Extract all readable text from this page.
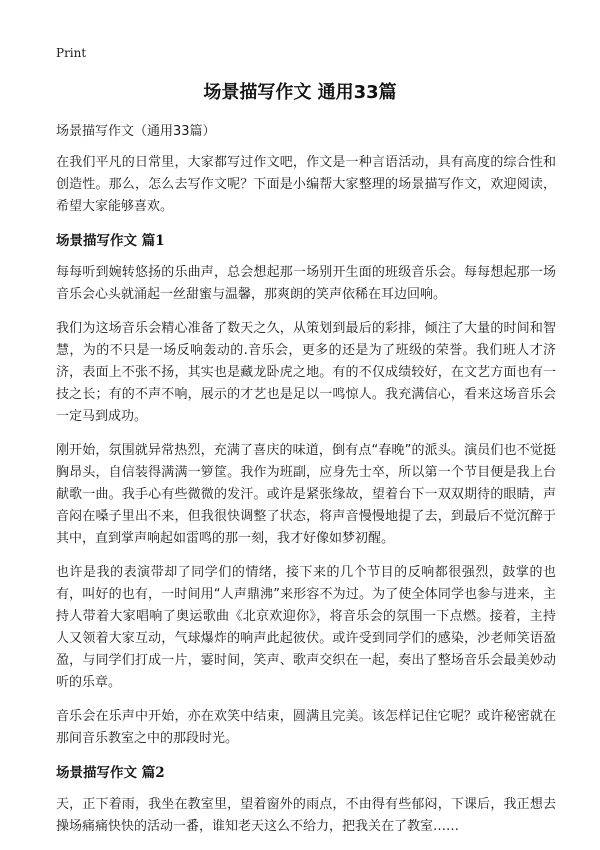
Print
场景描写作文 通用33篇

场景描写作文（通用33篇）

在我们平凡的日常里，大家都写过作文吧，作文是一种言语活动，具有高度的综合性和创造性。那么，怎么去写作文呢？下面是小编帮大家整理的场景描写作文，欢迎阅读，希望大家能够喜欢。

场景描写作文 篇1

每每听到婉转悠扬的乐曲声，总会想起那一场别开生面的班级音乐会。每每想起那一场音乐会心头就涌起一丝甜蜜与温馨，那爽朗的笑声依稀在耳边回响。

我们为这场音乐会精心准备了数天之久，从策划到最后的彩排，倾注了大量的时间和智慧，为的不只是一场反响轰动的.音乐会，更多的还是为了班级的荣誉。我们班人才济济，表面上不张不扬，其实也是藏龙卧虎之地。有的不仅成绩较好，在文艺方面也有一技之长；有的不声不响，展示的才艺也是足以一鸣惊人。我充满信心，看来这场音乐会一定马到成功。

刚开始，氛围就异常热烈，充满了喜庆的味道，倒有点“春晚”的派头。演员们也不觉挺胸昂头，自信装得满满一箩筐。我作为班副，应身先士卒，所以第一个节目便是我上台献歌一曲。我手心有些微微的发汗。或许是紧张缘故，望着台下一双双期待的眼睛，声音闷在嗓子里出不来，但我很快调整了状态，将声音慢慢地提了去，到最后不觉沉醉于其中，直到掌声响起如雷鸣的那一刻，我才好像如梦初醒。

也许是我的表演带却了同学们的情绪，接下来的几个节目的反响都很强烈，鼓掌的也有，叫好的也有，一时间用“人声鼎沸”来形容不为过。为了使全体同学也参与进来，主持人带着大家唱响了奥运歌曲《北京欢迎你》，将音乐会的氛围一下点燃。接着，主持人又领着大家互动，气球爆炸的响声此起彼伏。或许受到同学们的感染，沙老师笑语盈盈，与同学们打成一片，霎时间，笑声、歌声交织在一起，奏出了整场音乐会最美妙动听的乐章。

音乐会在乐声中开始，亦在欢笑中结束，圆满且完美。该怎样记住它呢？或许秘密就在那间音乐教室之中的那段时光。

场景描写作文 篇2

天，正下着雨，我坐在教室里，望着窗外的雨点，不由得有些郁闷，下课后，我正想去操场痛痛快快的活动一番，谁知老天这么不给力，把我关在了教室……
